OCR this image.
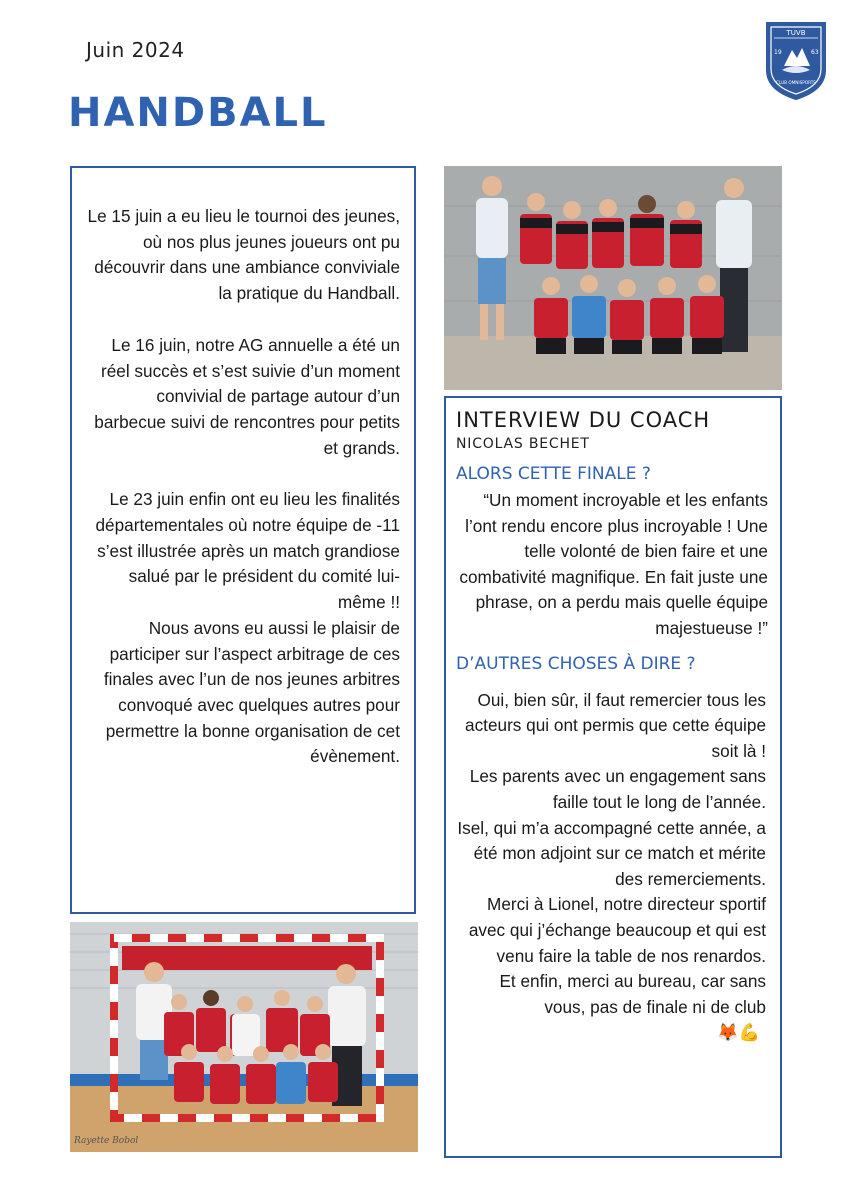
Juin 2024
HANDBALL
TUVB
19	63
CLUB OMNISPORTS

Le 15 juin a eu lieu le tournoi des jeunes, où nos plus jeunes joueurs ont pu découvrir dans une ambiance conviviale la pratique du Handball.

Le 16 juin, notre AG annuelle a été un réel succès et s’est suivie d’un moment convivial de partage autour d’un barbecue suivi de rencontres pour petits et grands.

Le 23 juin enfin ont eu lieu les finalités départementales où notre équipe de -11 s’est illustrée après un match grandiose salué par le président du comité lui-même !!

Nous avons eu aussi le plaisir de participer sur l’aspect arbitrage de ces finales avec l’un de nos jeunes arbitres convoqué avec quelques autres pour permettre la bonne organisation de cet évènement.

Rayette Bobol

INTERVIEW DU COACH

NICOLAS BECHET

ALORS CETTE FINALE ?

“Un moment incroyable et les enfants l’ont rendu encore plus incroyable ! Une telle volonté de bien faire et une combativité magnifique. En fait juste une phrase, on a perdu mais quelle équipe majestueuse !”

D’AUTRES CHOSES À DIRE ?

Oui, bien sûr, il faut remercier tous les acteurs qui ont permis que cette équipe soit là !
Les parents avec un engagement sans faille tout le long de l’année.
Isel, qui m’a accompagné cette année, a été mon adjoint sur ce match et mérite des remerciements.
Merci à Lionel, notre directeur sportif avec qui j’échange beaucoup et qui est venu faire la table de nos renardos.
Et enfin, merci au bureau, car sans vous, pas de finale ni de club
🦊💪
